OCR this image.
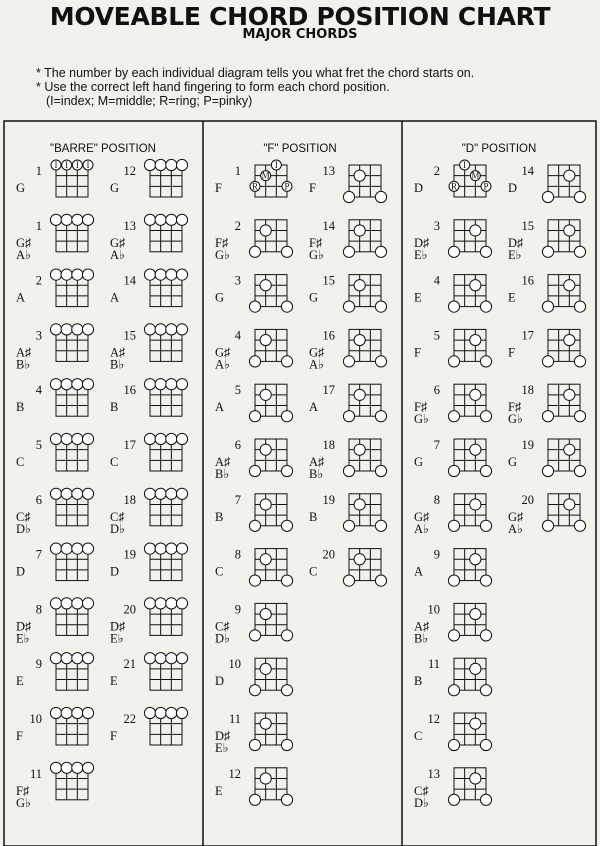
MOVEABLE CHORD POSITION CHART
MAJOR CHORDS
* The number by each individual diagram tells you what fret the chord starts on.
* Use the correct left hand fingering to form each chord position.
(I=index; M=middle; R=ring; P=pinky)
"BARRE" POSITION
1
G
I I I I	12
G
1
G♯
A♭
13
G♯
A♭
2
A
14
A
3
A♯
B♭
15
A♯
B♭
4
B
16
B
5
C
17
C
6
C♯
D♭
18
C♯
D♭
7
D
19
D
8
D♯
E♭
20
D♯
E♭
9
E
21
E
10
F
22
F
11
F♯
G♭
"F" POSITION
1
F
I
M
R	P
13
F
2
F♯
G♭
14
F♯
G♭
3
G
15
G
4
G♯
A♭
16
G♯
A♭
5
A
17
A
6
A♯
B♭
18
A♯
B♭
7
B
19
B
8
C
20
C
9
C♯
D♭
10
D
11
D♯
E♭
12
E
"D" POSITION
2
D
I
M
R	P
14
D
3
D♯
E♭
15
D♯
E♭
4
E
16
E
5
F
17
F
6
F♯
G♭
18
F♯
G♭
7
G
19
G
8
G♯
A♭
20
G♯
A♭
9
A
10
A♯
B♭
11
B
12
C
13
C♯
D♭
